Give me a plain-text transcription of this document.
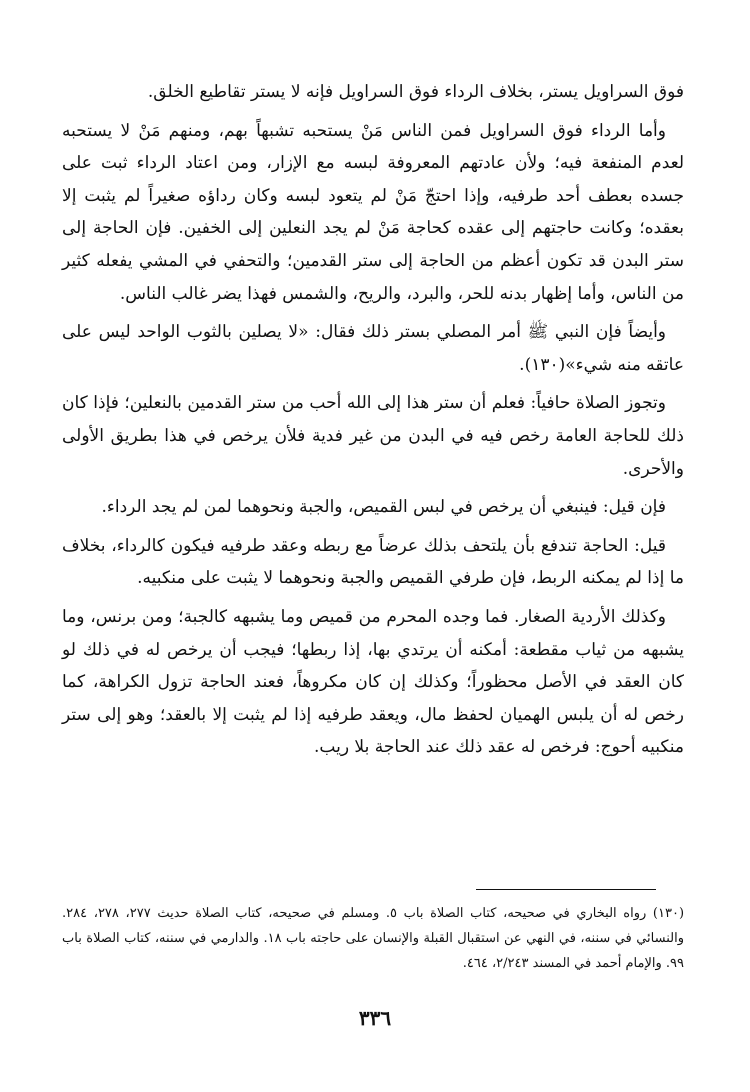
فوق السراويل يستر، بخلاف الرداء فوق السراويل فإنه لا يستر تقاطيع الخلق.

وأما الرداء فوق السراويل فمن الناس مَنْ يستحبه تشبهاً بهم، ومنهم مَنْ لا يستحبه لعدم المنفعة فيه؛ ولأن عادتهم المعروفة لبسه مع الإزار، ومن اعتاد الرداء ثبت على جسده بعطف أحد طرفيه، وإذا احتجّ مَنْ لم يتعود لبسه وكان رداؤه صغيراً لم يثبت إلا بعقده؛ وكانت حاجتهم إلى عقده كحاجة مَنْ لم يجد النعلين إلى الخفين. فإن الحاجة إلى ستر البدن قد تكون أعظم من الحاجة إلى ستر القدمين؛ والتحفي في المشي يفعله كثير من الناس، وأما إظهار بدنه للحر، والبرد، والريح، والشمس فهذا يضر غالب الناس.

وأيضاً فإن النبي ﷺ أمر المصلي بستر ذلك فقال: «لا يصلين بالثوب الواحد ليس على عاتقه منه شيء»(١٣٠).

وتجوز الصلاة حافياً: فعلم أن ستر هذا إلى الله أحب من ستر القدمين بالنعلين؛ فإذا كان ذلك للحاجة العامة رخص فيه في البدن من غير فدية فلأن يرخص في هذا بطريق الأولى والأحرى.

فإن قيل: فينبغي أن يرخص في لبس القميص، والجبة ونحوهما لمن لم يجد الرداء.

قيل: الحاجة تندفع بأن يلتحف بذلك عرضاً مع ربطه وعقد طرفيه فيكون كالرداء، بخلاف ما إذا لم يمكنه الربط، فإن طرفي القميص والجبة ونحوهما لا يثبت على منكبيه.

وكذلك الأردية الصغار. فما وجده المحرم من قميص وما يشبهه كالجبة؛ ومن برنس، وما يشبهه من ثياب مقطعة: أمكنه أن يرتدي بها، إذا ربطها؛ فيجب أن يرخص له في ذلك لو كان العقد في الأصل محظوراً؛ وكذلك إن كان مكروهاً، فعند الحاجة تزول الكراهة، كما رخص له أن يلبس الهميان لحفظ مال، ويعقد طرفيه إذا لم يثبت إلا بالعقد؛ وهو إلى ستر منكبيه أحوج: فرخص له عقد ذلك عند الحاجة بلا ريب.

(١٣٠) رواه البخاري في صحيحه، كتاب الصلاة باب ٥. ومسلم في صحيحه، كتاب الصلاة حديث ٢٧٧، ٢٧٨، ٢٨٤. والنسائي في سننه، في النهي عن استقبال القبلة والإنسان على حاجته باب ١٨. والدارمي في سننه، كتاب الصلاة باب ٩٩. والإمام أحمد في المسند ٢/٢٤٣، ٤٦٤.

٣٣٦
